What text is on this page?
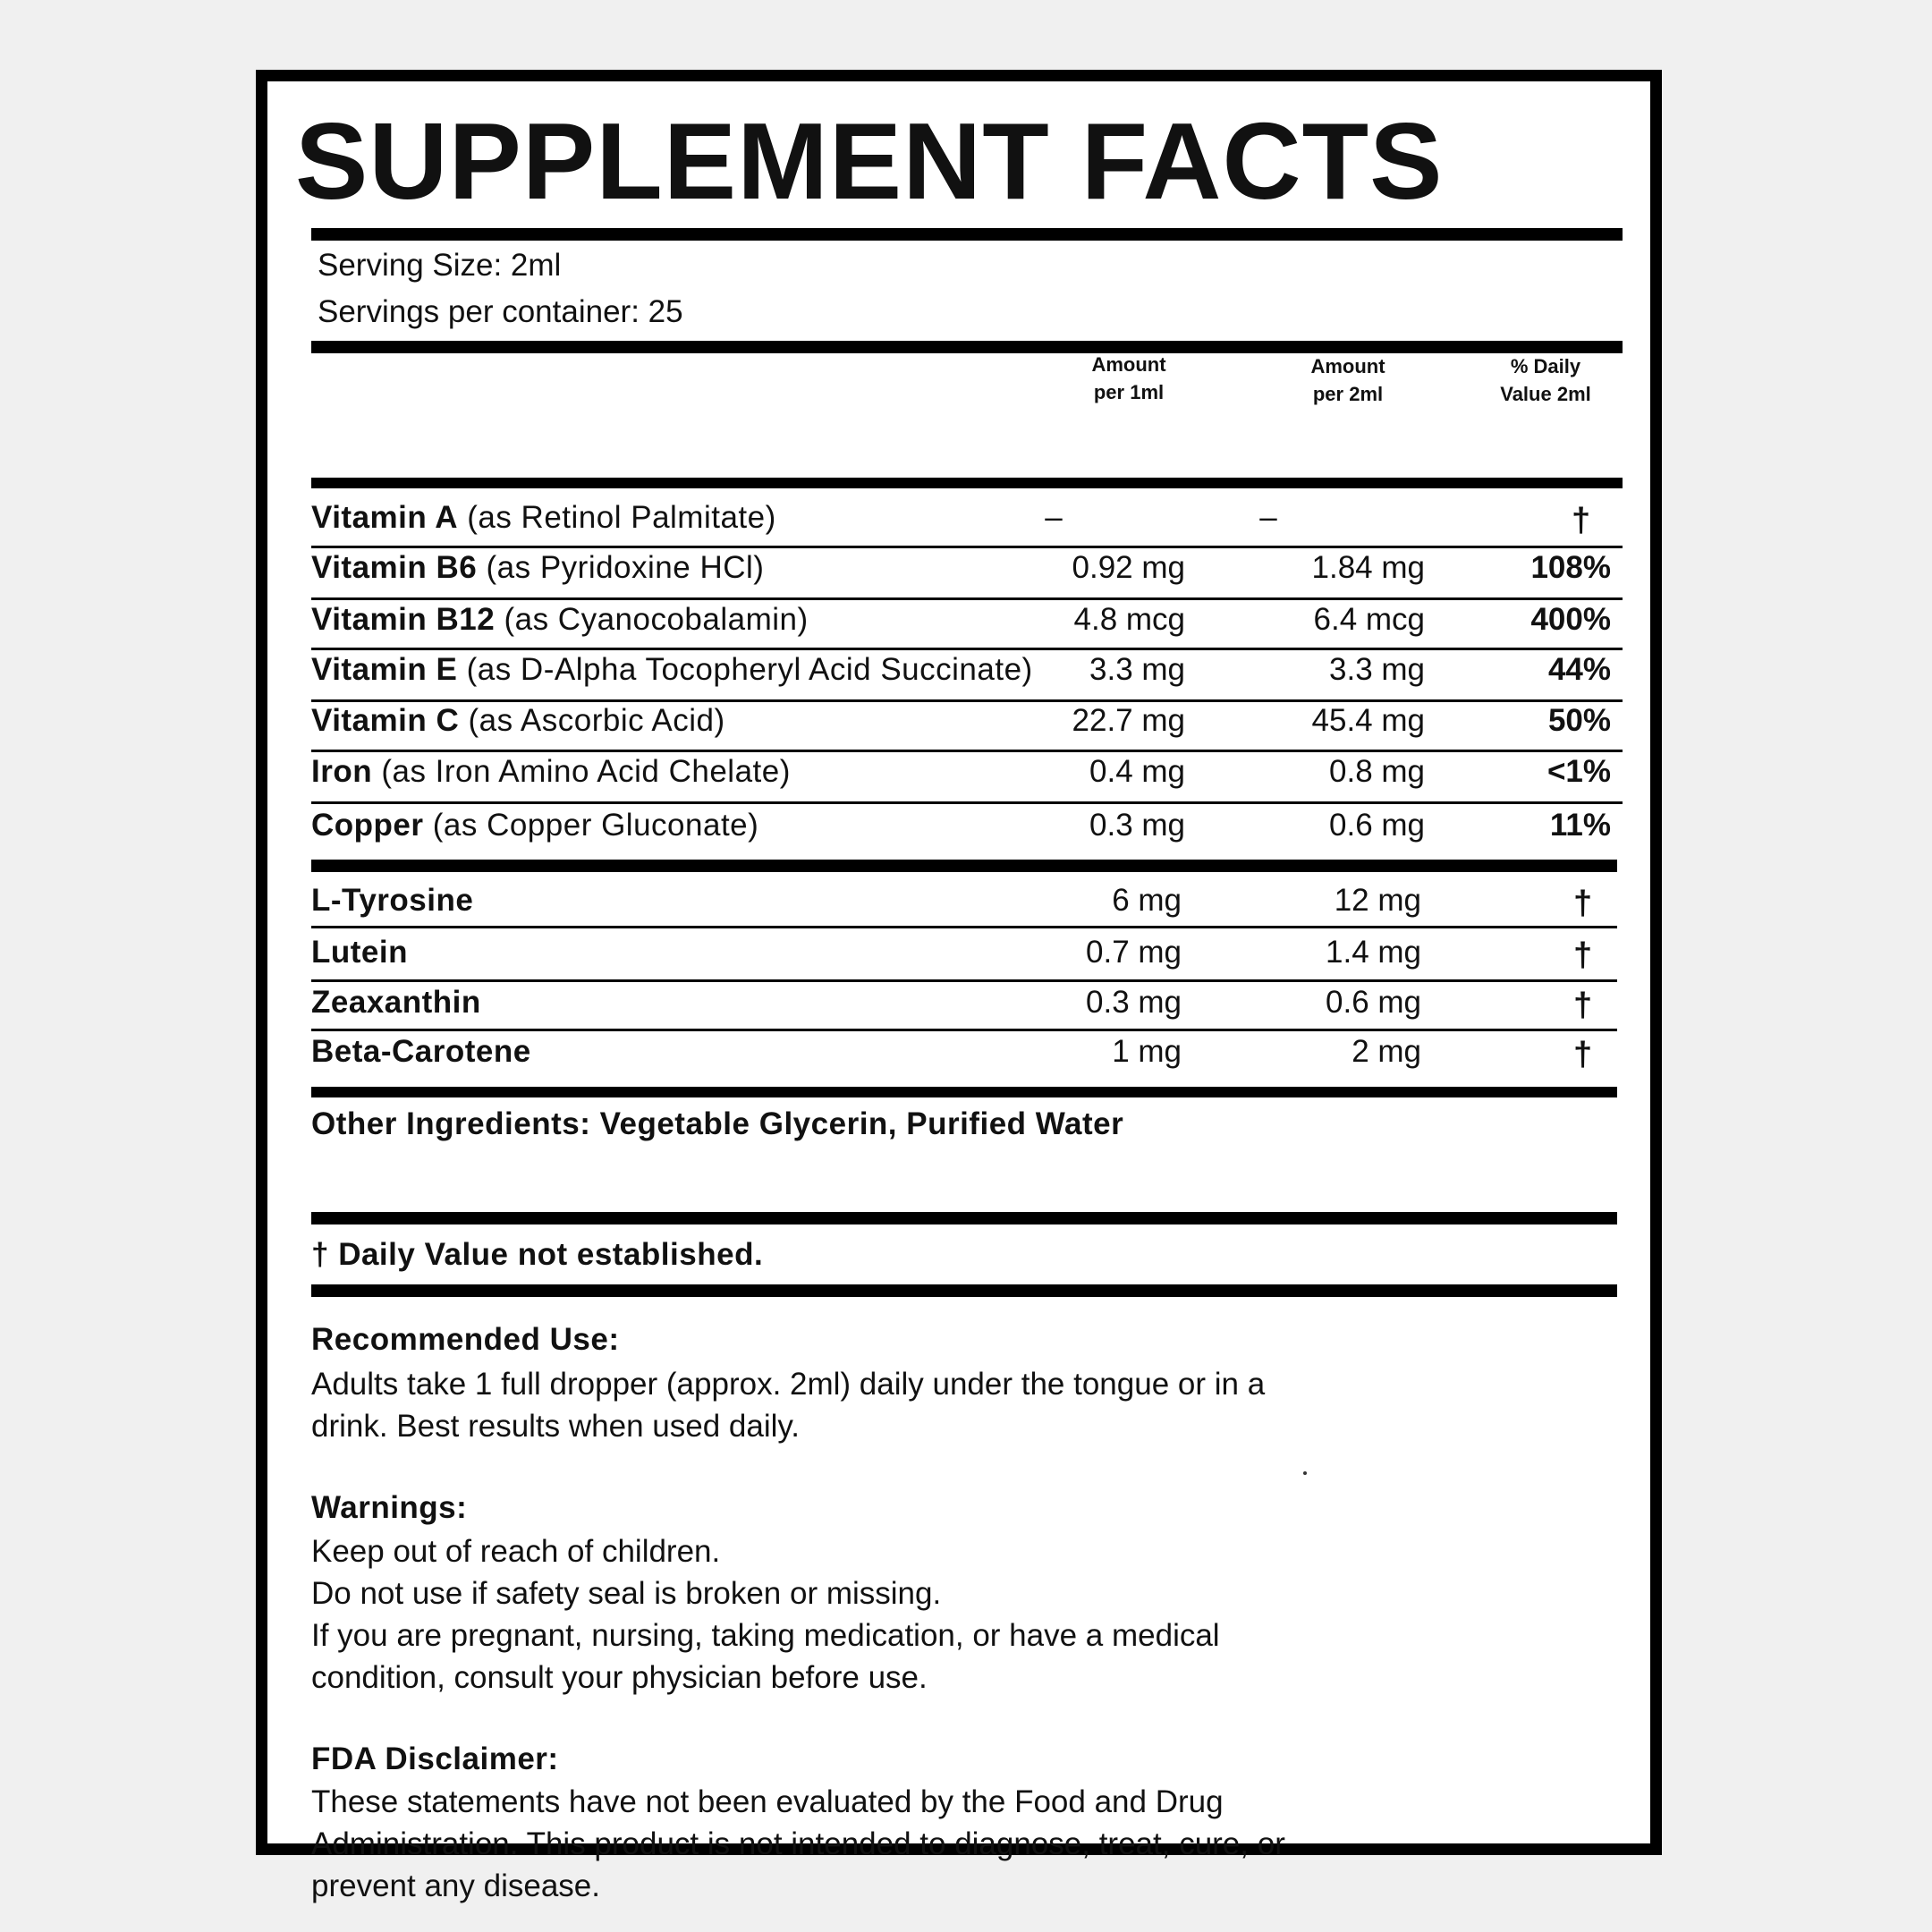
SUPPLEMENT FACTS
Serving Size: 2ml
Servings per container: 25
Amount
per 1ml
Amount
per 2ml
% Daily
Value 2ml
Vitamin A (as Retinol Palmitate)	–	–	†
Vitamin B6 (as Pyridoxine HCl)	0.92 mg	1.84 mg	108%
Vitamin B12 (as Cyanocobalamin)	4.8 mcg	6.4 mcg	400%
Vitamin E (as D-Alpha Tocopheryl Acid Succinate)	3.3 mg	3.3 mg	44%
Vitamin C (as Ascorbic Acid)	22.7 mg	45.4 mg	50%
Iron (as Iron Amino Acid Chelate)	0.4 mg	0.8 mg	<1%
Copper (as Copper Gluconate)	0.3 mg	0.6 mg	11%
L-Tyrosine	6 mg	12 mg	†
Lutein	0.7 mg	1.4 mg	†
Zeaxanthin	0.3 mg	0.6 mg	†
Beta-Carotene	1 mg	2 mg	†
Other Ingredients: Vegetable Glycerin, Purified Water
† Daily Value not established.
Recommended Use:
Adults take 1 full dropper (approx. 2ml) daily under the tongue or in a
drink. Best results when used daily.
Warnings:
Keep out of reach of children.
Do not use if safety seal is broken or missing.
If you are pregnant, nursing, taking medication, or have a medical
condition, consult your physician before use.
FDA Disclaimer:
These statements have not been evaluated by the Food and Drug
Administration. This product is not intended to diagnose, treat, cure, or
prevent any disease.
